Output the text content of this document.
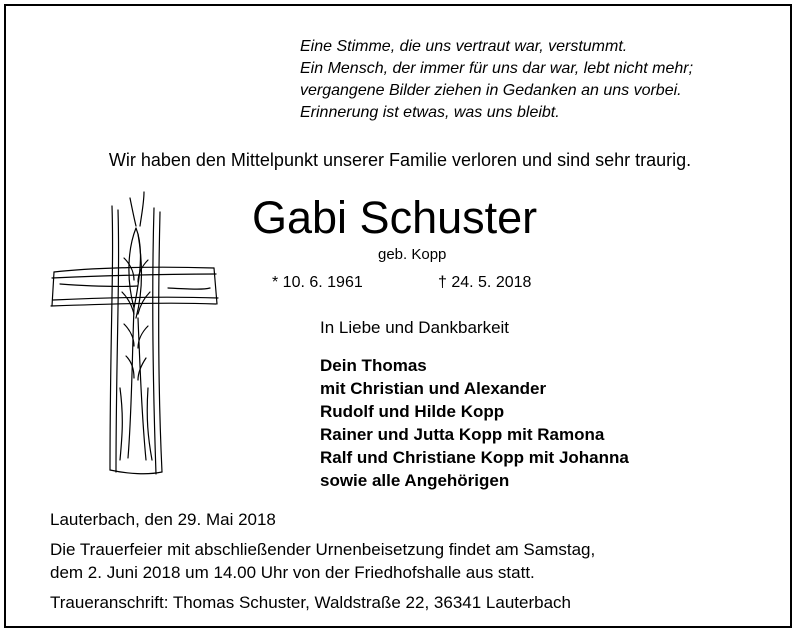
Eine Stimme, die uns vertraut war, verstummt.
Ein Mensch, der immer für uns dar war, lebt nicht mehr;
vergangene Bilder ziehen in Gedanken an uns vorbei.
Erinnerung ist etwas, was uns bleibt.
Wir haben den Mittelpunkt unserer Familie verloren und sind sehr traurig.
Gabi Schuster
geb. Kopp
* 10. 6. 1961	† 24. 5. 2018
In Liebe und Dankbarkeit
Dein Thomas
mit Christian und Alexander
Rudolf und Hilde Kopp
Rainer und Jutta Kopp mit Ramona
Ralf und Christiane Kopp mit Johanna
sowie alle Angehörigen
Lauterbach, den 29. Mai 2018
Die Trauerfeier mit abschließender Urnenbeisetzung findet am Samstag,
dem 2. Juni 2018 um 14.00 Uhr von der Friedhofshalle aus statt.
Traueranschrift: Thomas Schuster, Waldstraße 22, 36341 Lauterbach
